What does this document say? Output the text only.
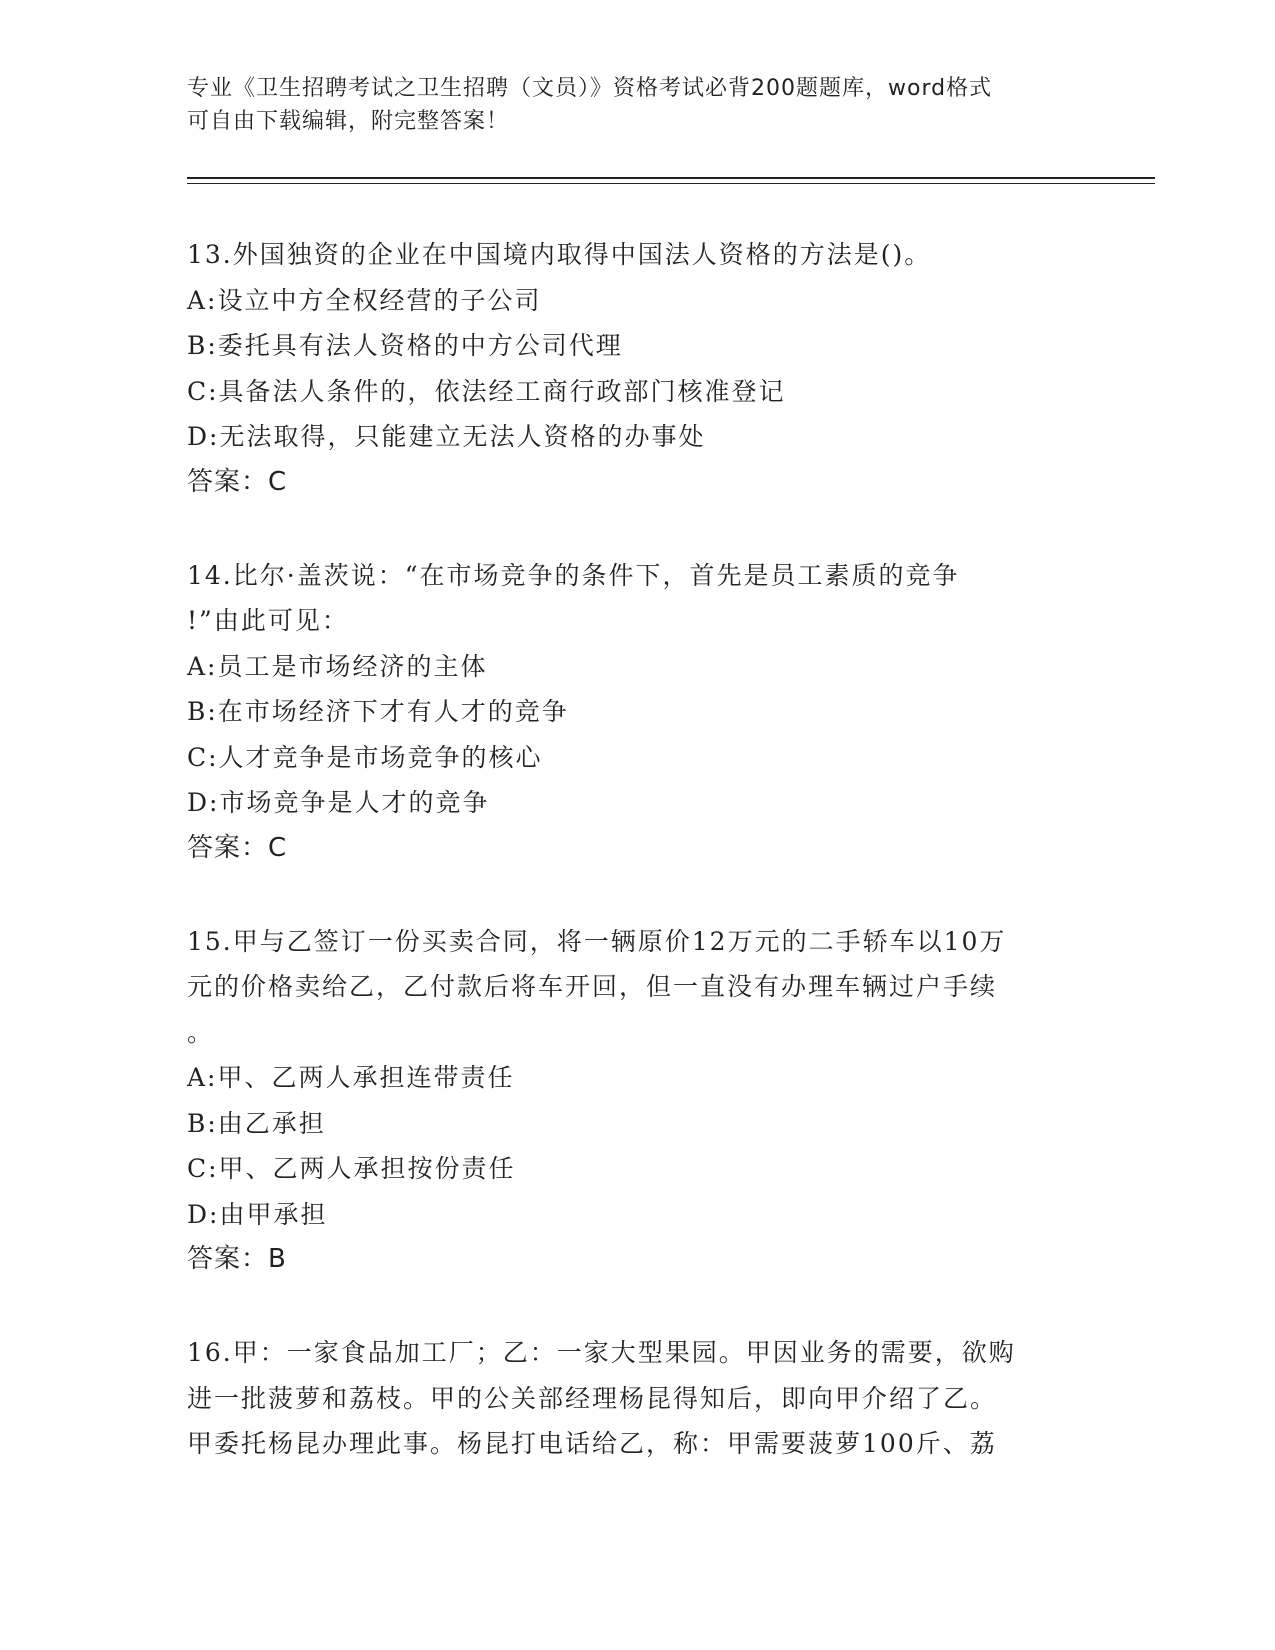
专业《卫生招聘考试之卫生招聘（文员）》资格考试必背200题题库，word格式
可自由下载编辑，附完整答案！
13.外国独资的企业在中国境内取得中国法人资格的方法是()。
A:设立中方全权经营的子公司
B:委托具有法人资格的中方公司代理
C:具备法人条件的，依法经工商行政部门核准登记
D:无法取得，只能建立无法人资格的办事处
答案：C
14.比尔·盖茨说：“在市场竞争的条件下，首先是员工素质的竞争
!”由此可见：
A:员工是市场经济的主体
B:在市场经济下才有人才的竞争
C:人才竞争是市场竞争的核心
D:市场竞争是人才的竞争
答案：C
15.甲与乙签订一份买卖合同，将一辆原价12万元的二手轿车以10万
元的价格卖给乙，乙付款后将车开回，但一直没有办理车辆过户手续
。
A:甲、乙两人承担连带责任
B:由乙承担
C:甲、乙两人承担按份责任
D:由甲承担
答案：B
16.甲：一家食品加工厂；乙：一家大型果园。甲因业务的需要，欲购
进一批菠萝和荔枝。甲的公关部经理杨昆得知后，即向甲介绍了乙。
甲委托杨昆办理此事。杨昆打电话给乙，称：甲需要菠萝100斤、荔
